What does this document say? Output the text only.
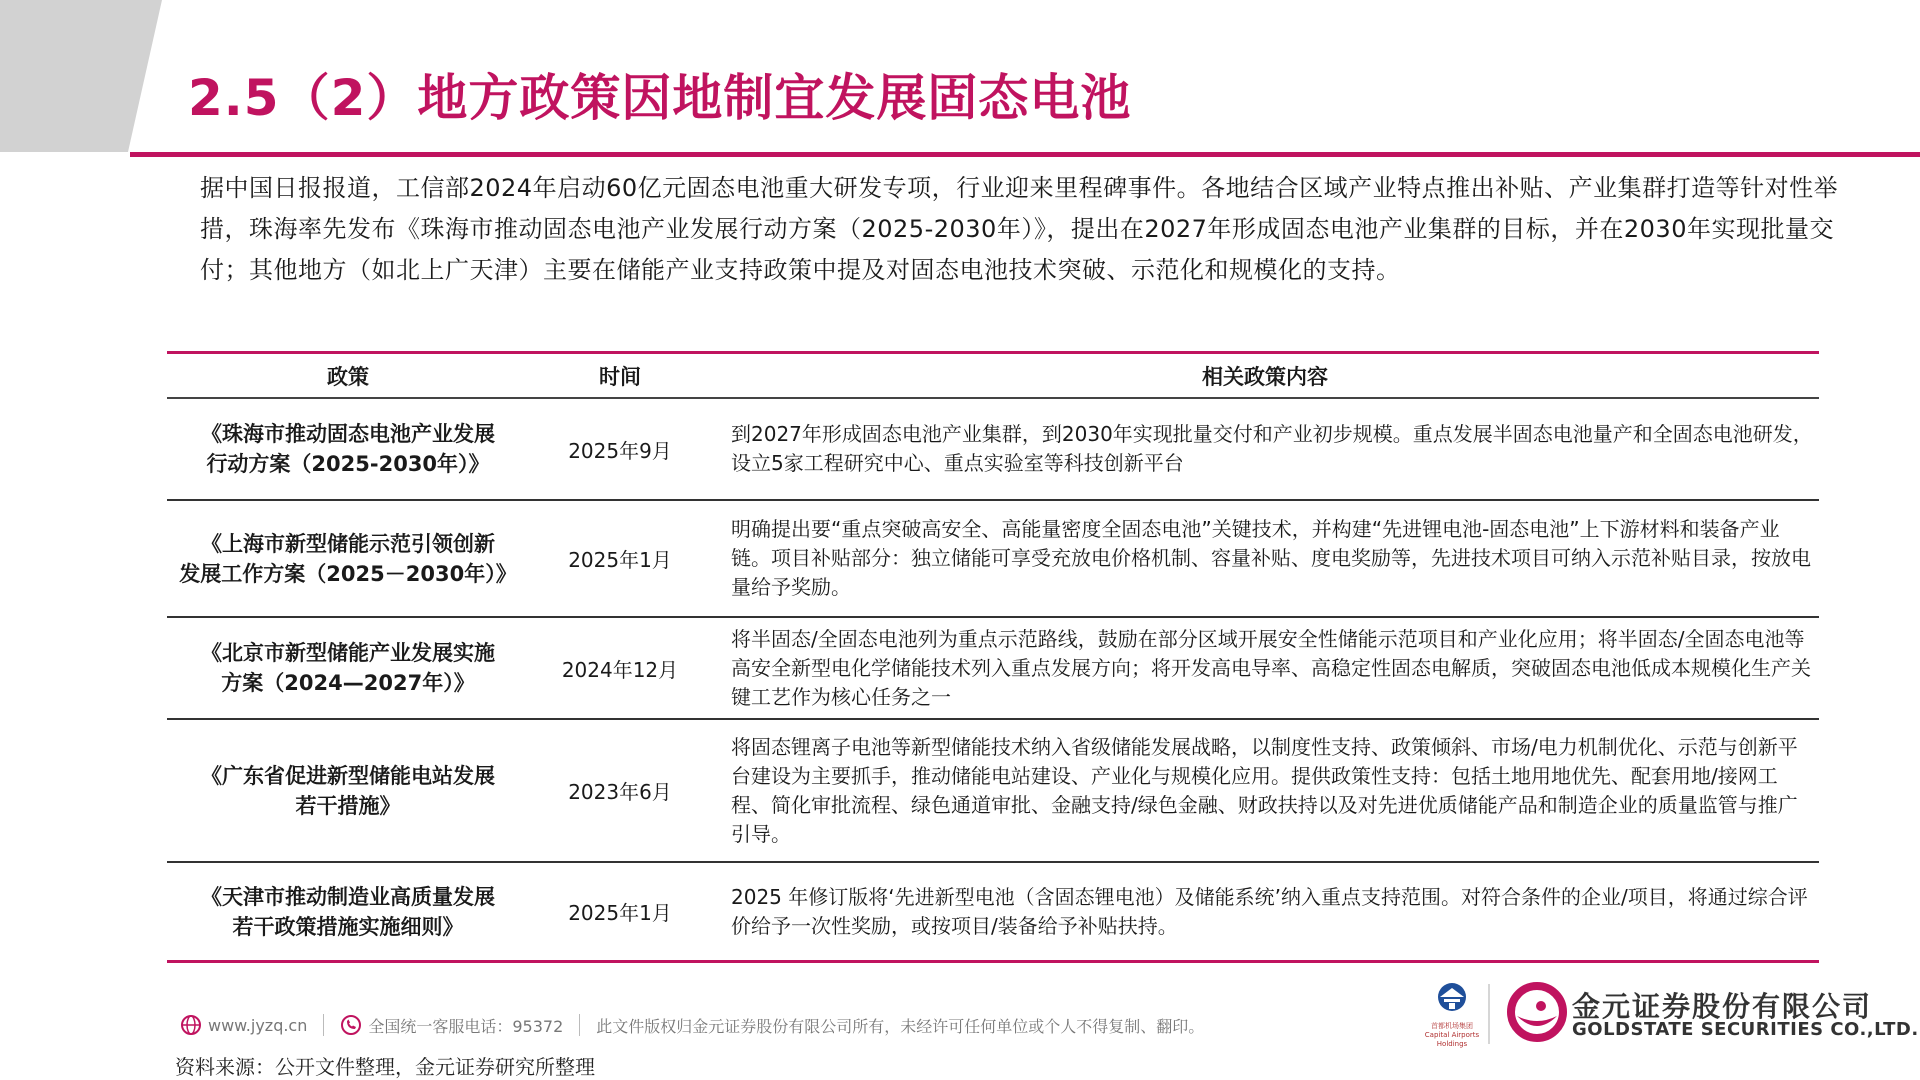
2.5（2）地方政策因地制宜发展固态电池
据中国日报报道，工信部2024年启动60亿元固态电池重大研发专项，行业迎来里程碑事件。各地结合区域产业特点推出补贴、产业集群打造等针对性举措，珠海率先发布《珠海市推动固态电池产业发展行动方案（2025-2030年）》，提出在2027年形成固态电池产业集群的目标，并在2030年实现批量交付；其他地方（如北上广天津）主要在储能产业支持政策中提及对固态电池技术突破、示范化和规模化的支持。
政策	时间	相关政策内容

《珠海市推动固态电池产业发展
行动方案（2025-2030年）》	2025年9月	到2027年形成固态电池产业集群，到2030年实现批量交付和产业初步规模。重点发展半固态电池量产和全固态电池研发，设立5家工程研究中心、重点实验室等科技创新平台

《上海市新型储能示范引领创新
发展工作方案（2025－2030年）》	2025年1月	明确提出要“重点突破高安全、高能量密度全固态电池”关键技术，并构建“先进锂电池-固态电池”上下游材料和装备产业链。项目补贴部分：独立储能可享受充放电价格机制、容量补贴、度电奖励等，先进技术项目可纳入示范补贴目录，按放电量给予奖励。

《北京市新型储能产业发展实施
方案（2024—2027年）》	2024年12月	将半固态/全固态电池列为重点示范路线，鼓励在部分区域开展安全性储能示范项目和产业化应用；将半固态/全固态电池等高安全新型电化学储能技术列入重点发展方向；将开发高电导率、高稳定性固态电解质，突破固态电池低成本规模化生产关键工艺作为核心任务之一

《广东省促进新型储能电站发展
若干措施》	2023年6月	将固态锂离子电池等新型储能技术纳入省级储能发展战略，以制度性支持、政策倾斜、市场/电力机制优化、示范与创新平台建设为主要抓手，推动储能电站建设、产业化与规模化应用。提供政策性支持：包括土地用地优先、配套用地/接网工程、简化审批流程、绿色通道审批、金融支持/绿色金融、财政扶持以及对先进优质储能产品和制造企业的质量监管与推广引导。

《天津市推动制造业高质量发展
若干政策措施实施细则》	2025年1月	2025 年修订版将‘先进新型电池（含固态锂电池）及储能系统’纳入重点支持范围。对符合条件的企业/项目，将通过综合评价给予一次性奖励，或按项目/装备给予补贴扶持。
www.jyzq.cn	全国统一客服电话：95372 此文件版权归金元证券股份有限公司所有，未经许可任何单位或个人不得复制、翻印。	首都机场集团
Capital Airports Holdings
金元证券股份有限公司
GOLDSTATE SECURITIES CO.,LTD.
资料来源：公开文件整理，金元证券研究所整理
